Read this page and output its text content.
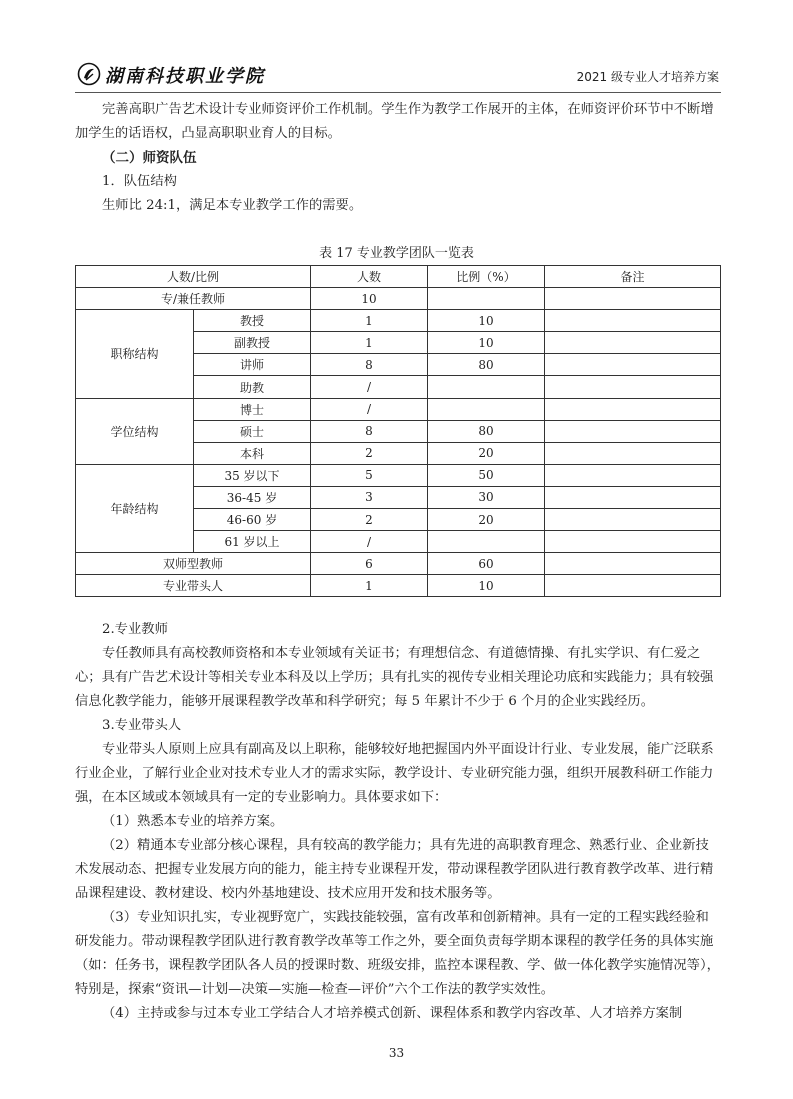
湖南科技职业学院	2021 级专业人才培养方案
完善高职广告艺术设计专业师资评价工作机制。学生作为教学工作展开的主体，在师资评价环节中不断增加学生的话语权，凸显高职职业育人的目标。
（二）师资队伍
1．队伍结构
生师比 24:1，满足本专业教学工作的需要。
表 17 专业教学团队一览表
人数/比例		人数	比例（%）	备注
专/兼任教师		10		
职称结构	教授	1	10	
	副教授	1	10	
	讲师	8	80	
	助教	/		
学位结构	博士	/		
	硕士	8	80	
	本科	2	20	
年龄结构	35 岁以下	5	50	
	36-45 岁	3	30	
	46-60 岁	2	20	
	61 岁以上	/		
双师型教师		6	60	
专业带头人		1	10	
2.专业教师
专任教师具有高校教师资格和本专业领域有关证书；有理想信念、有道德情操、有扎实学识、有仁爱之心；具有广告艺术设计等相关专业本科及以上学历；具有扎实的视传专业相关理论功底和实践能力；具有较强信息化教学能力，能够开展课程教学改革和科学研究；每 5 年累计不少于 6 个月的企业实践经历。
3.专业带头人
专业带头人原则上应具有副高及以上职称，能够较好地把握国内外平面设计行业、专业发展，能广泛联系行业企业，了解行业企业对技术专业人才的需求实际，教学设计、专业研究能力强，组织开展教科研工作能力强，在本区域或本领域具有一定的专业影响力。具体要求如下：
（1）熟悉本专业的培养方案。
（2）精通本专业部分核心课程，具有较高的教学能力；具有先进的高职教育理念、熟悉行业、企业新技术发展动态、把握专业发展方向的能力，能主持专业课程开发，带动课程教学团队进行教育教学改革、进行精品课程建设、教材建设、校内外基地建设、技术应用开发和技术服务等。
（3）专业知识扎实，专业视野宽广，实践技能较强，富有改革和创新精神。具有一定的工程实践经验和研发能力。带动课程教学团队进行教育教学改革等工作之外，要全面负责每学期本课程的教学任务的具体实施（如：任务书，课程教学团队各人员的授课时数、班级安排，监控本课程教、学、做一体化教学实施情况等），特别是，探索“资讯—计划—决策—实施—检查—评价”六个工作法的教学实效性。
（4）主持或参与过本专业工学结合人才培养模式创新、课程体系和教学内容改革、人才培养方案制
33
